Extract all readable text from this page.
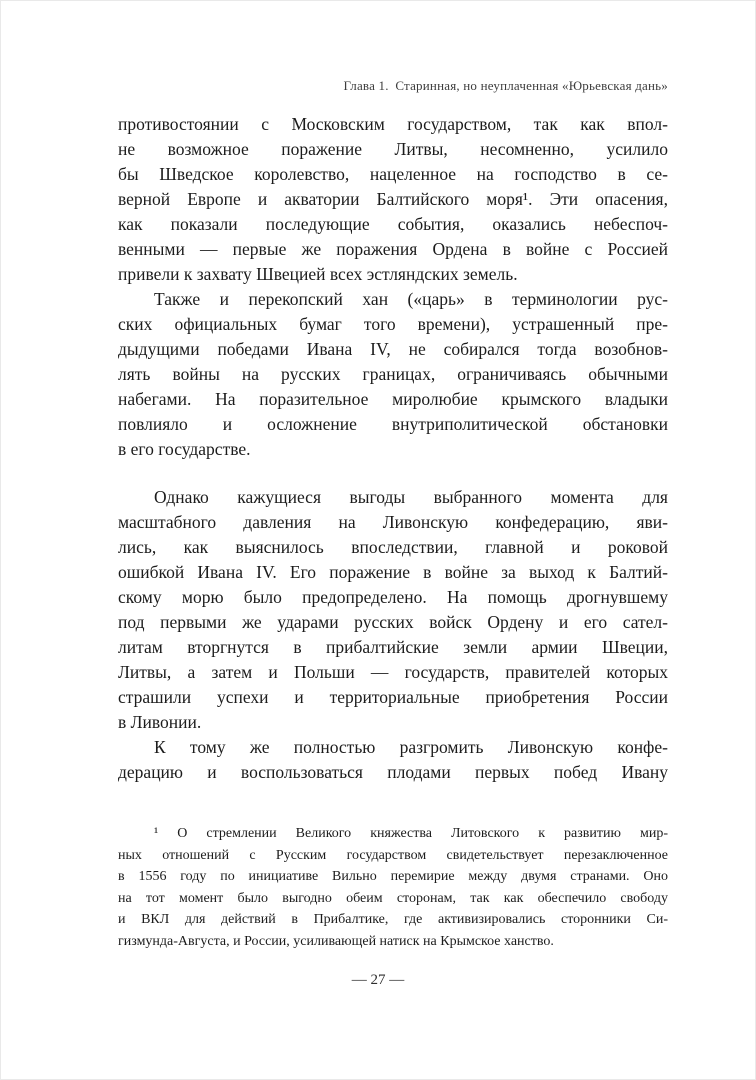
Глава 1. Старинная, но неуплаченная «Юрьевская дань»
противостоянии с Московским государством, так как впол-
не возможное поражение Литвы, несомненно, усилило
бы Шведское королевство, нацеленное на господство в се-
верной Европе и акватории Балтийского моря¹. Эти опасения,
как показали последующие события, оказались небеспоч-
венными — первые же поражения Ордена в войне с Россией
привели к захвату Швецией всех эстляндских земель.
Также и перекопский хан («царь» в терминологии рус-
ских официальных бумаг того времени), устрашенный пре-
дыдущими победами Ивана IV, не собирался тогда возобнов-
лять войны на русских границах, ограничиваясь обычными
набегами. На поразительное миролюбие крымского владыки
повлияло и осложнение внутриполитической обстановки
в его государстве.
Однако кажущиеся выгоды выбранного момента для
масштабного давления на Ливонскую конфедерацию, яви-
лись, как выяснилось впоследствии, главной и роковой
ошибкой Ивана IV. Его поражение в войне за выход к Балтий-
скому морю было предопределено. На помощь дрогнувшему
под первыми же ударами русских войск Ордену и его сател-
литам вторгнутся в прибалтийские земли армии Швеции,
Литвы, а затем и Польши — государств, правителей которых
страшили успехи и территориальные приобретения России
в Ливонии.
К тому же полностью разгромить Ливонскую конфе-
дерацию и воспользоваться плодами первых побед Ивану
¹ О стремлении Великого княжества Литовского к развитию мир-
ных отношений с Русским государством свидетельствует перезаключенное
в 1556 году по инициативе Вильно перемирие между двумя странами. Оно
на тот момент было выгодно обеим сторонам, так как обеспечило свободу
и ВКЛ для действий в Прибалтике, где активизировались сторонники Си-
гизмунда-Августа, и России, усиливающей натиск на Крымское ханство.
— 27 —
